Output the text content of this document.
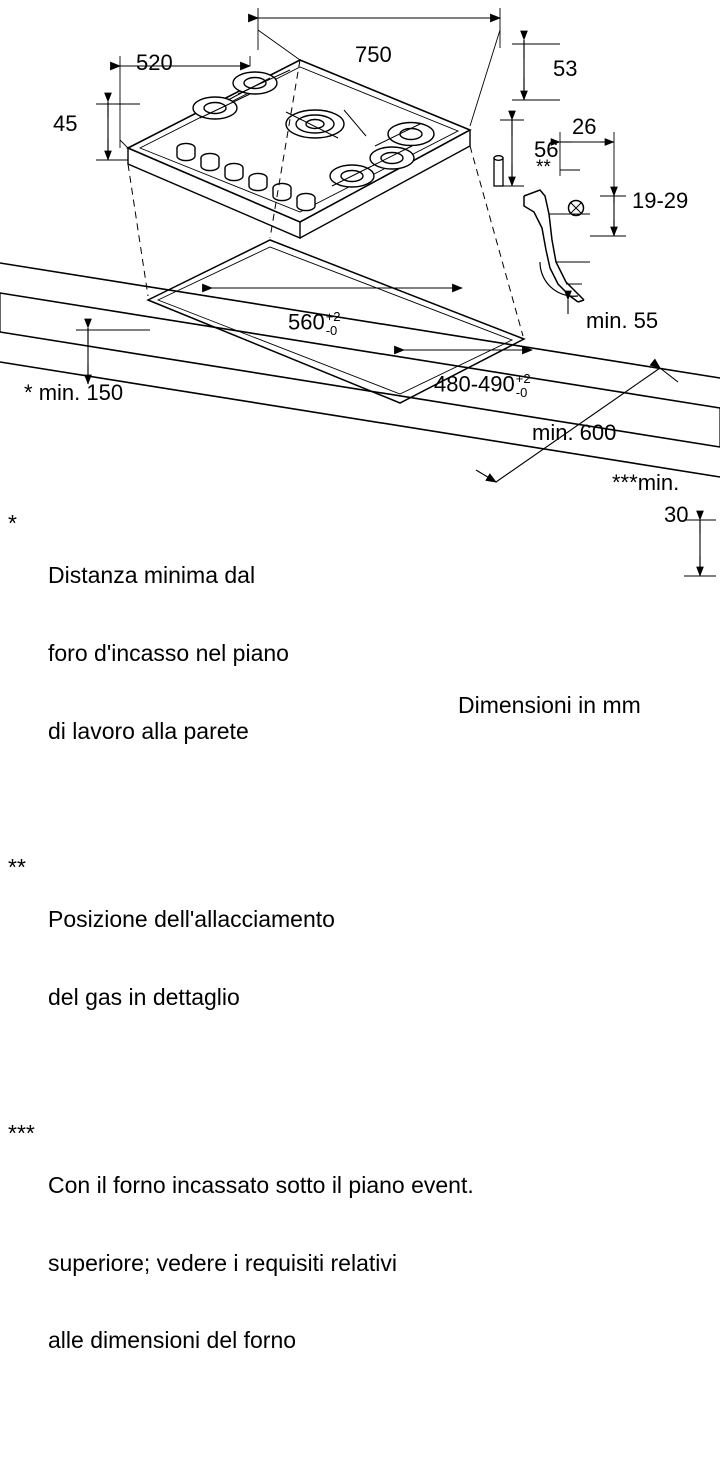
750
520
45
53
56
26
**
19-29
min. 55
560 +2
-0
480-490 +2
-0
* min. 150
min. 600
***min.
30

*

Distanza minima dal

foro d'incasso nel piano

di lavoro alla parete

**

Posizione dell'allacciamento

del gas in dettaglio

***

Con il forno incassato sotto il piano event.

superiore; vedere i requisiti relativi

alle dimensioni del forno

Dimensioni in mm
